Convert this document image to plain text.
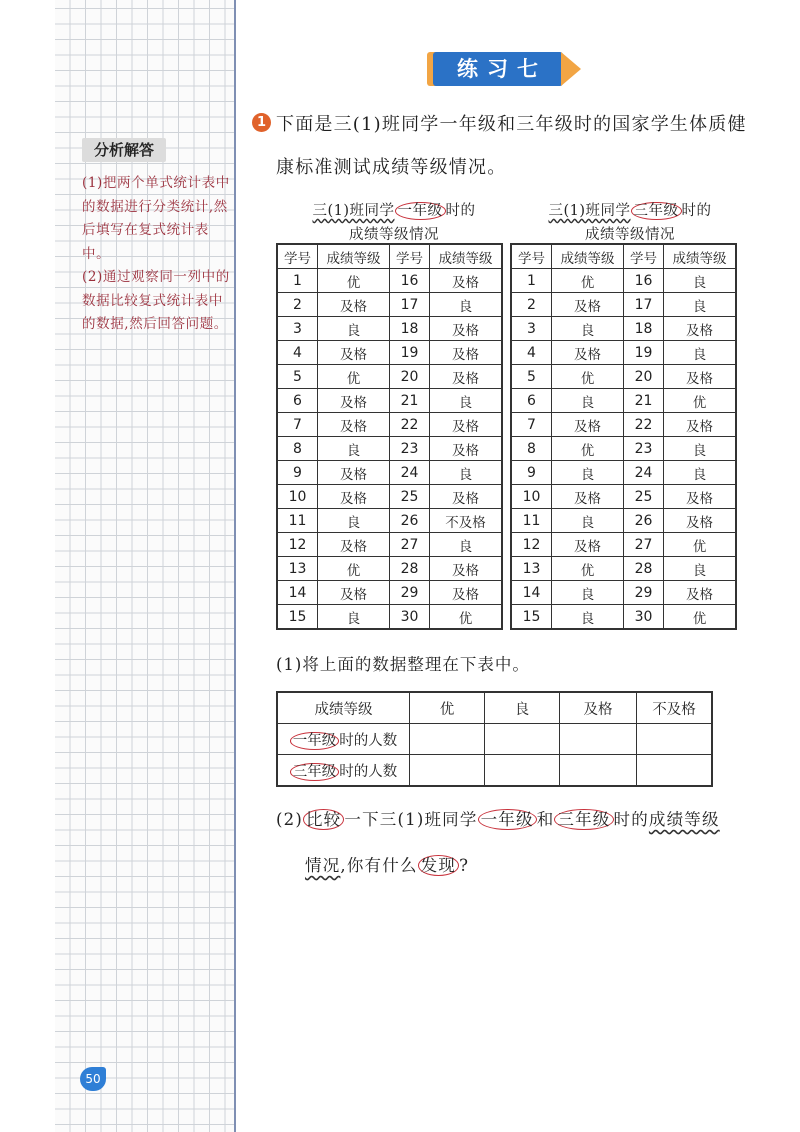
分析解答

(1)把两个单式统计表中的数据进行分类统计,然后填写在复式统计表中。

(2)通过观察同一列中的数据比较复式统计表中的数据,然后回答问题。

50
练习七
1 下面是三(1)班同学一年级和三年级时的国家学生体质健
康标准测试成绩等级情况。
三(1)班同学 一年级 时的
成绩等级情况
三(1)班同学 三年级 时的
成绩等级情况
学号	成绩等级	学号	成绩等级
1	优	16	及格
2	及格	17	良
3	良	18	及格
4	及格	19	及格
5	优	20	及格
6	及格	21	良
7	及格	22	及格
8	良	23	及格
9	及格	24	良
10	及格	25	及格
11	良	26	不及格
12	及格	27	良
13	优	28	及格
14	及格	29	及格
15	良	30	优
学号	成绩等级	学号	成绩等级
1	优	16	良
2	及格	17	良
3	良	18	及格
4	及格	19	良
5	优	20	及格
6	良	21	优
7	及格	22	及格
8	优	23	良
9	良	24	良
10	及格	25	及格
11	良	26	及格
12	及格	27	优
13	优	28	良
14	良	29	及格
15	良	30	优
(1)将上面的数据整理在下表中。
成绩等级	优	良	及格	不及格
一年级 时的人数				
三年级 时的人数				
(2) 比较 一下三(1)班同学 一年级 和 三年级 时的成绩等级
情况,你有什么 发现 ?
